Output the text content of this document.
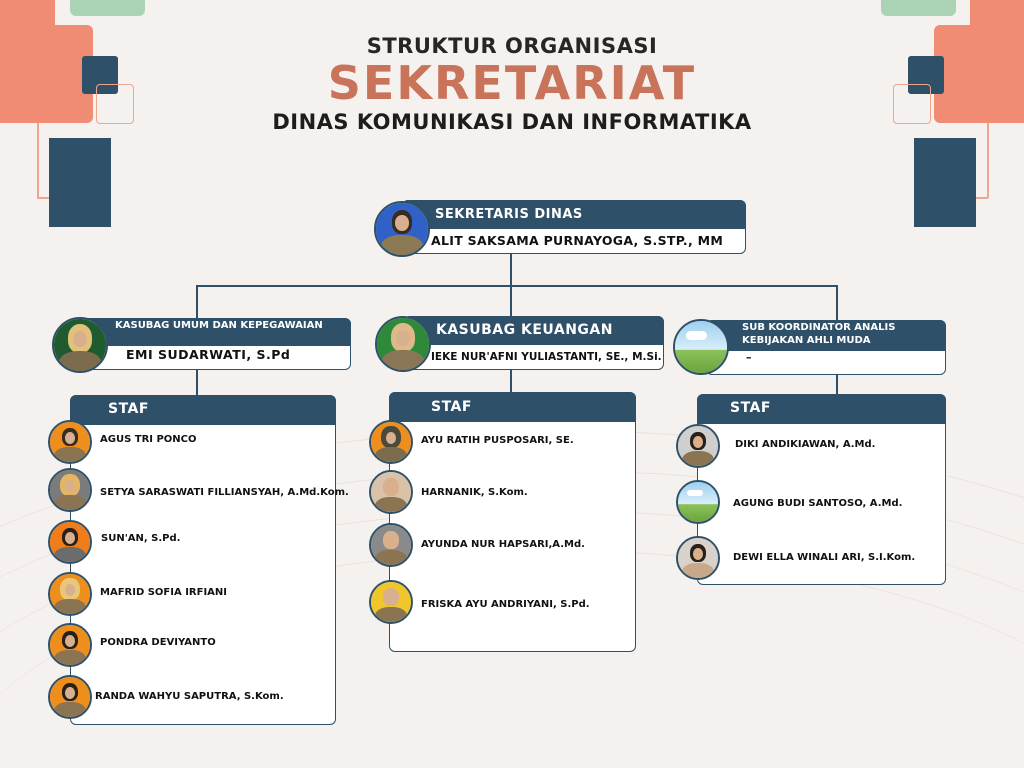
STRUKTUR ORGANISASI
SEKRETARIAT
DINAS KOMUNIKASI DAN INFORMATIKA
SEKRETARIS DINAS
ALIT SAKSAMA PURNAYOGA, S.STP., MM
KASUBAG UMUM DAN KEPEGAWAIAN
EMI SUDARWATI, S.Pd
KASUBAG KEUANGAN
IEKE NUR'AFNI YULIASTANTI, SE., M.Si.
SUB KOORDINATOR ANALIS
KEBIJAKAN AHLI MUDA
–
STAF
AGUS TRI PONCO
SETYA SARASWATI FILLIANSYAH, A.Md.Kom.
SUN'AN, S.Pd.
MAFRID SOFIA IRFIANI
PONDRA DEVIYANTO
RANDA WAHYU SAPUTRA, S.Kom.
STAF
AYU RATIH PUSPOSARI, SE.
HARNANIK, S.Kom.
AYUNDA NUR HAPSARI,A.Md.
FRISKA AYU ANDRIYANI, S.Pd.
STAF
DIKI ANDIKIAWAN, A.Md.
AGUNG BUDI SANTOSO, A.Md.
DEWI ELLA WINALI ARI, S.I.Kom.
